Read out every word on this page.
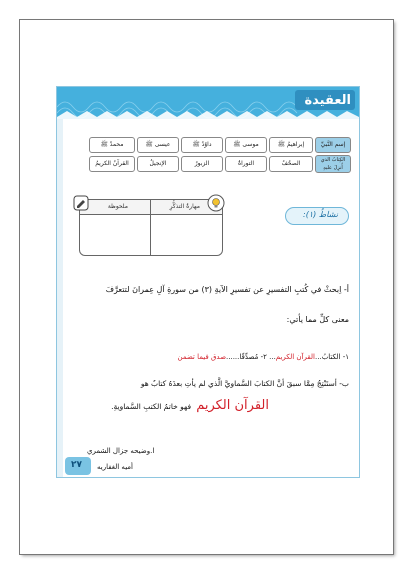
العقيدة
إسم النَّبيِّ
إبراهيمُ ﷺ
موسى ﷺ
داوُدُ ﷺ
عيسى ﷺ
محمدٌ ﷺ
الكِتابُ الذي أُنزِلَ عليهِ
الصحُفُ
التوراةُ
الزبورُ
الإنجيلُ
القرآنُ الكريمُ
نشاطُ (١):
مهارةُ التذكُّرِ
ملحوظة
أ- اِبحثْ في كُتبِ التفسيرِ عن تفسيرِ الآيةِ (٣) من سورةِ آلِ عِمرانَ لتتعرَّفَ
معنى كلِّ مما يأتي:
١- الكتابُ...القرآن الكريم... ٢- مُصدِّقًا......صدق فيما تضمن
ب- أستَنْتِجُ مِمَّا سبقَ أنَّ الكتابَ السَّماويَّ الَّذي لم يأتِ بعدَهُ كتابٌ هو
القرآن الكريم فهو خاتمُ الكتبِ السَّماويةِ.
ا.وضيحه جزال الشمري
أميه الغفاريه
٢٧
